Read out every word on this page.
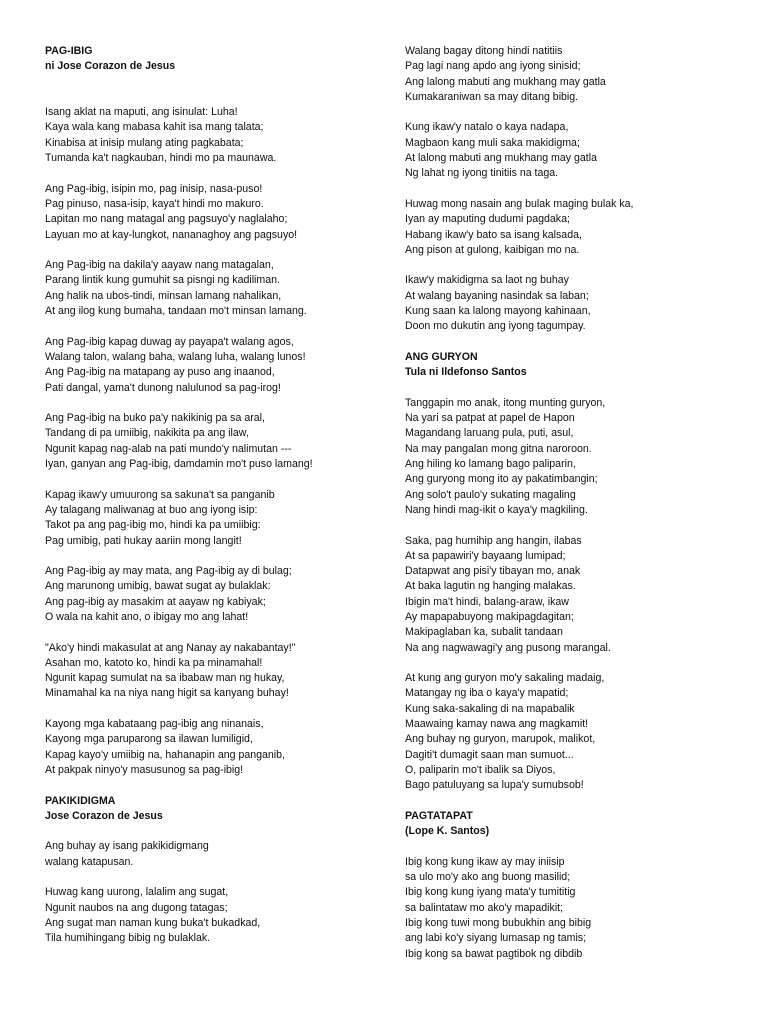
PAG-IBIG
ni Jose Corazon de Jesus
Isang aklat na maputi, ang isinulat: Luha!
Kaya wala kang mabasa kahit isa mang talata;
Kinabisa at inisip mulang ating pagkabata;
Tumanda ka't nagkauban, hindi mo pa maunawa.
Ang Pag-ibig, isipin mo, pag inisip, nasa-puso!
Pag pinuso, nasa-isip, kaya't hindi mo makuro.
Lapitan mo nang matagal ang pagsuyo'y naglalaho;
Layuan mo at kay-lungkot, nananaghoy ang pagsuyo!
Ang Pag-ibig na dakila'y aayaw nang matagalan,
Parang lintik kung gumuhit sa pisngi ng kadiliman.
Ang halik na ubos-tindi, minsan lamang nahalikan,
At ang ilog kung bumaha, tandaan mo't minsan lamang.
Ang Pag-ibig kapag duwag ay payapa't walang agos,
Walang talon, walang baha, walang luha, walang lunos!
Ang Pag-ibig na matapang ay puso ang inaanod,
Pati dangal, yama't dunong nalulunod sa pag-irog!
Ang Pag-ibig na buko pa'y nakikinig pa sa aral,
Tandang di pa umiibig, nakikita pa ang ilaw,
Ngunit kapag nag-alab na pati mundo'y nalimutan ---
Iyan, ganyan ang Pag-ibig, damdamin mo't puso lamang!
Kapag ikaw'y umuurong sa sakuna't sa panganib
Ay talagang maliwanag at buo ang iyong isip:
Takot pa ang pag-ibig mo, hindi ka pa umiibig:
Pag umibig, pati hukay aariin mong langit!
Ang Pag-ibig ay may mata, ang Pag-ibig ay di bulag;
Ang marunong umibig, bawat sugat ay bulaklak:
Ang pag-ibig ay masakim at aayaw ng kabiyak;
O wala na kahit ano, o ibigay mo ang lahat!
"Ako'y hindi makasulat at ang Nanay ay nakabantay!"
Asahan mo, katoto ko, hindi ka pa minamahal!
Ngunit kapag sumulat na sa ibabaw man ng hukay,
Minamahal ka na niya nang higit sa kanyang buhay!
Kayong mga kabataang pag-ibig ang ninanais,
Kayong mga paruparong sa ilawan lumiligid,
Kapag kayo'y umiibig na, hahanapin ang panganib,
At pakpak ninyo'y masusunog sa pag-ibig!
PAKIKIDIGMA
Jose Corazon de Jesus
Ang buhay ay isang pakikidigmang
walang katapusan.
Huwag kang uurong, lalalim ang sugat,
Ngunit naubos na ang dugong tatagas;
Ang sugat man naman kung buka't bukadkad,
Tila humihingang bibig ng bulaklak.
Walang bagay ditong hindi natitiis
Pag lagi nang apdo ang iyong sinisid;
Ang lalong mabuti ang mukhang may gatla
Kumakaraniwan sa may ditang bibig.
Kung ikaw'y natalo o kaya nadapa,
Magbaon kang muli saka makidigma;
At lalong mabuti ang mukhang may gatla
Ng lahat ng iyong tinitiis na taga.
Huwag mong nasain ang bulak maging bulak ka,
Iyan ay maputing dudumi pagdaka;
Habang ikaw'y bato sa isang kalsada,
Ang pison at gulong, kaibigan mo na.
Ikaw'y makidigma sa laot ng buhay
At walang bayaning nasindak sa laban;
Kung saan ka lalong mayong kahinaan,
Doon mo dukutin ang iyong tagumpay.
ANG GURYON
Tula ni Ildefonso Santos
Tanggapin mo anak, itong munting guryon,
Na yari sa patpat at papel de Hapon
Magandang laruang pula, puti, asul,
Na may pangalan mong gitna naroroon.
Ang hiling ko lamang bago paliparin,
Ang guryong mong ito ay pakatimbangin;
Ang solo't paulo'y sukating magaling
Nang hindi mag-ikit o kaya'y magkiling.
Saka, pag humihip ang hangin, ilabas
At sa papawiri'y bayaang lumipad;
Datapwat ang pisi'y tibayan mo, anak
At baka lagutin ng hanging malakas.
Ibigin ma't hindi, balang-araw, ikaw
Ay mapapabuyong makipagdagitan;
Makipaglaban ka, subalit tandaan
Na ang nagwawagi'y ang pusong marangal.
At kung ang guryon mo'y sakaling madaig,
Matangay ng iba o kaya'y mapatid;
Kung saka-sakaling di na mapabalik
Maawaing kamay nawa ang magkamit!
Ang buhay ng guryon, marupok, malikot,
Dagiti't dumagit saan man sumuot...
O, paliparin mo't ibalik sa Diyos,
Bago patuluyang sa lupa'y sumubsob!
PAGTATAPAT
(Lope K. Santos)
Ibig kong kung ikaw ay may iniisip
sa ulo mo'y ako ang buong masilid;
Ibig kong kung iyang mata'y tumititig
sa balintataw mo ako'y mapadikit;
Ibig kong tuwi mong bubukhin ang bibig
ang labi ko'y siyang lumasap ng tamis;
Ibig kong sa bawat pagtibok ng dibdib
